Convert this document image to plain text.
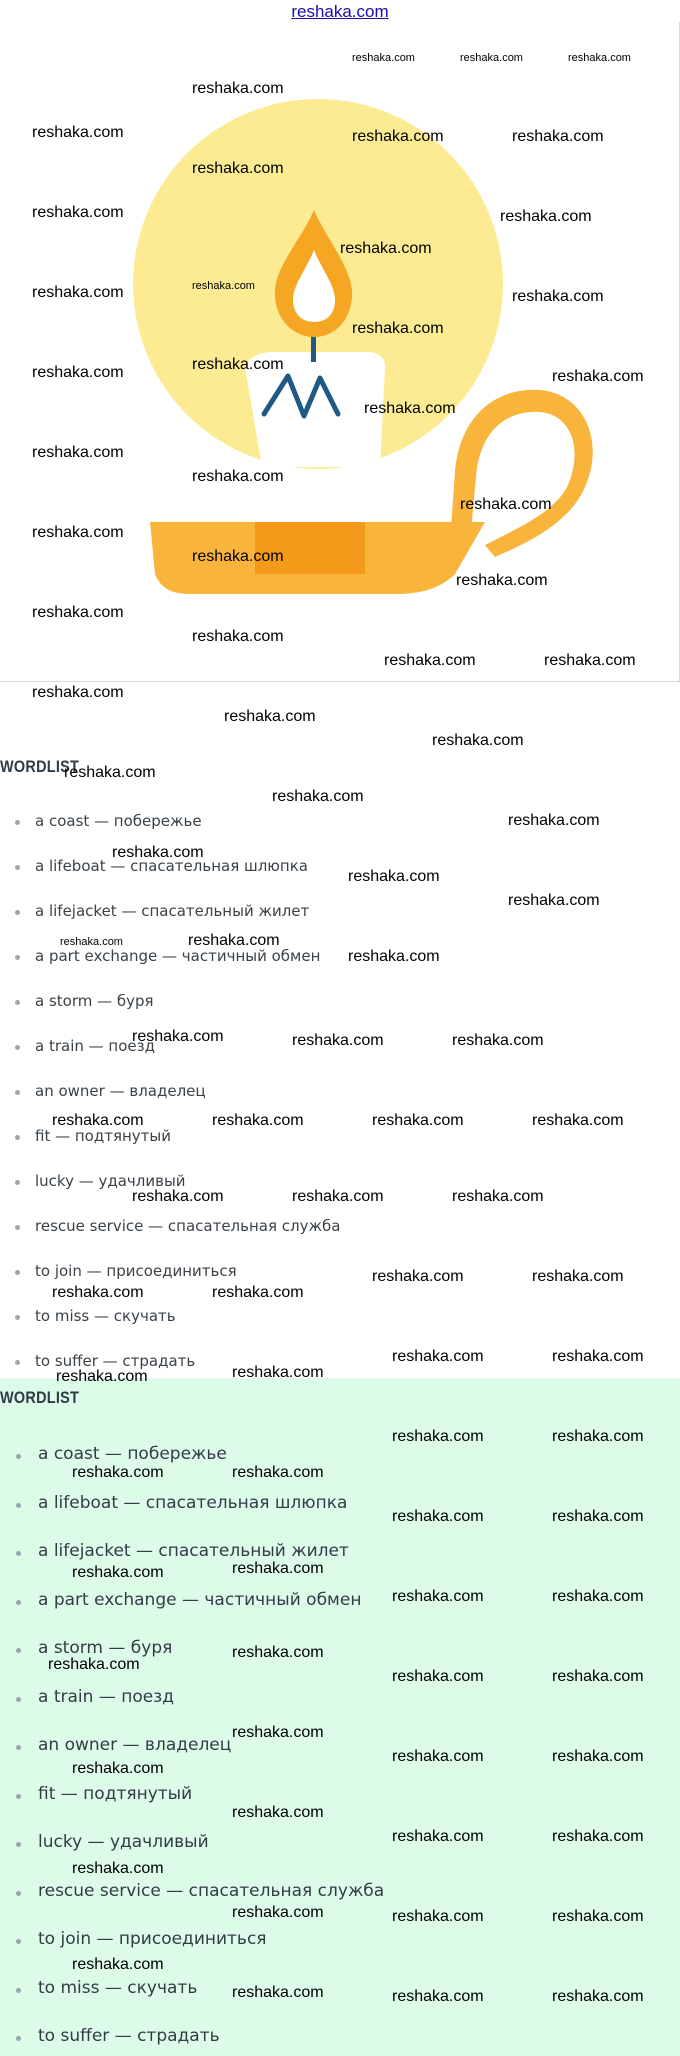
reshaka.com
WORDLIST
a coast — побережье
a lifeboat — спасательная шлюпка
a lifejacket — спасательный жилет
a part exchange — частичный обмен
a storm — буря
a train — поезд
an owner — владелец
fit — подтянутый
lucky — удачливый
rescue service — спасательная служба
to join — присоединиться
to miss — скучать
to suffer — страдать
WORDLIST
a coast — побережье
a lifeboat — спасательная шлюпка
a lifejacket — спасательный жилет
a part exchange — частичный обмен
a storm — буря
a train — поезд
an owner — владелец
fit — подтянутый
lucky — удачливый
rescue service — спасательная служба
to join — присоединиться
to miss — скучать
to suffer — страдать
reshaka.com	reshaka.com	reshaka.com
reshaka.com
reshaka.com	reshaka.com	reshaka.com
reshaka.com
reshaka.com	reshaka.com
reshaka.com
reshaka.com
reshaka.com	reshaka.com
reshaka.com
reshaka.com
reshaka.com	reshaka.com
reshaka.com
reshaka.com
reshaka.com
reshaka.com
reshaka.com
reshaka.com
reshaka.com
reshaka.com
reshaka.com
reshaka.com	reshaka.com
reshaka.com
reshaka.com
reshaka.com
reshaka.com
reshaka.com
reshaka.com
reshaka.com
reshaka.com
reshaka.com
reshaka.com	reshaka.com
reshaka.com
reshaka.com	reshaka.com	reshaka.com
reshaka.com	reshaka.com	reshaka.com	reshaka.com
reshaka.com	reshaka.com	reshaka.com
reshaka.com	reshaka.com
reshaka.com	reshaka.com
reshaka.com	reshaka.com
reshaka.com	reshaka.com
reshaka.com	reshaka.com
reshaka.com	reshaka.com
reshaka.com	reshaka.com
reshaka.com	reshaka.com
reshaka.com	reshaka.com
reshaka.com
reshaka.com
reshaka.com	reshaka.com
reshaka.com
reshaka.com
reshaka.com	reshaka.com
reshaka.com
reshaka.com
reshaka.com	reshaka.com
reshaka.com
reshaka.com
reshaka.com	reshaka.com
reshaka.com	reshaka.com	reshaka.com
